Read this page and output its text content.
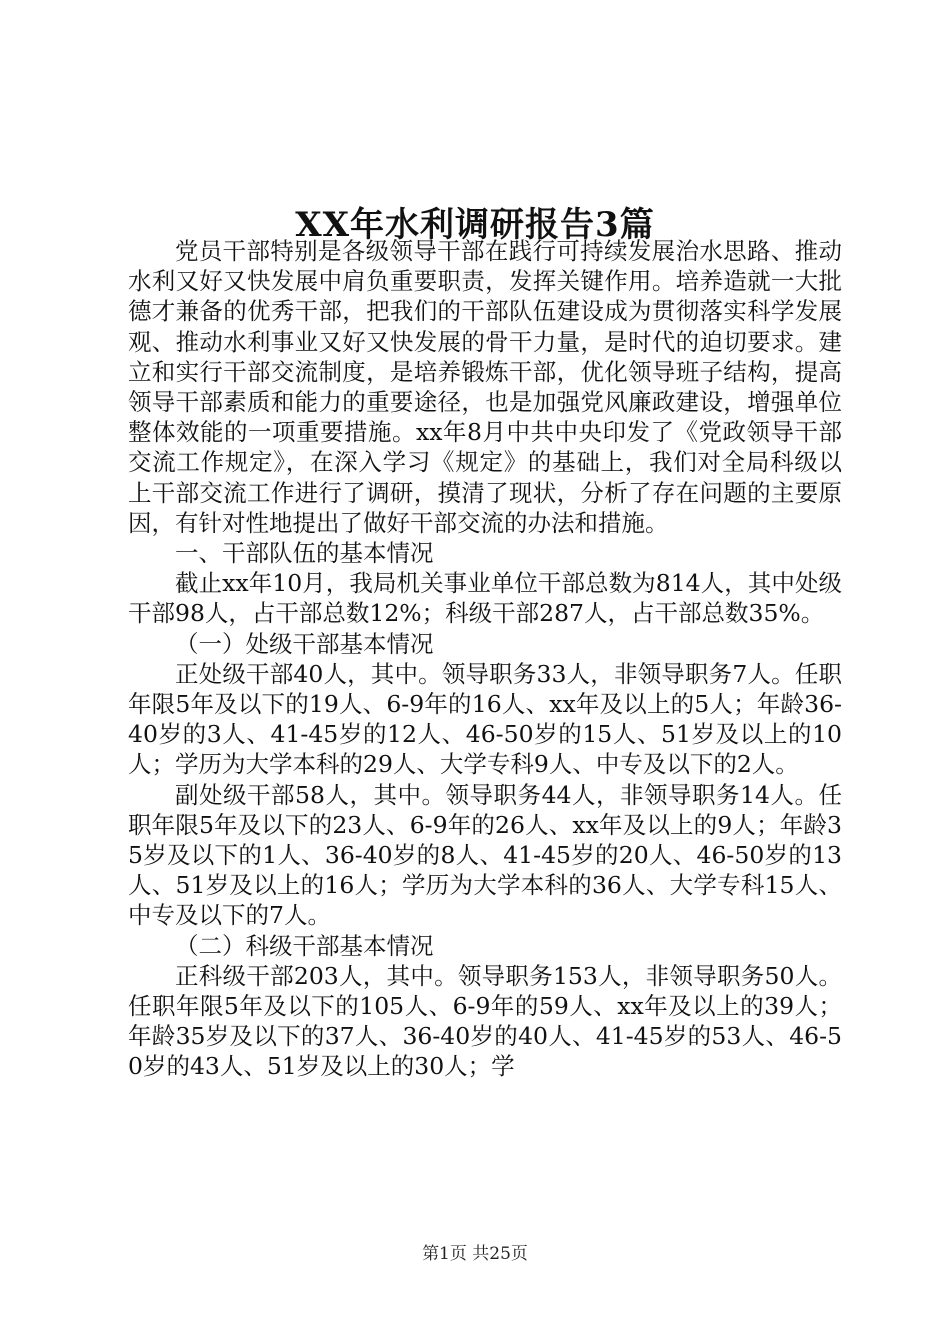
XX年水利调研报告3篇

党员干部特别是各级领导干部在践行可持续发展治水思路、推动水利又好又快发展中肩负重要职责，发挥关键作用。培养造就一大批德才兼备的优秀干部，把我们的干部队伍建设成为贯彻落实科学发展观、推动水利事业又好又快发展的骨干力量，是时代的迫切要求。建立和实行干部交流制度，是培养锻炼干部，优化领导班子结构，提高领导干部素质和能力的重要途径，也是加强党风廉政建设，增强单位整体效能的一项重要措施。xx年8月中共中央印发了《党政领导干部交流工作规定》，在深入学习《规定》的基础上，我们对全局科级以上干部交流工作进行了调研，摸清了现状，分析了存在问题的主要原因，有针对性地提出了做好干部交流的办法和措施。

一、干部队伍的基本情况

截止xx年10月，我局机关事业单位干部总数为814人，其中处级干部98人，占干部总数12%；科级干部287人，占干部总数35%。

（一）处级干部基本情况

正处级干部40人，其中。领导职务33人，非领导职务7人。任职年限5年及以下的19人、6-9年的16人、xx年及以上的5人；年龄36-40岁的3人、41-45岁的12人、46-50岁的15人、51岁及以上的10人；学历为大学本科的29人、大学专科9人、中专及以下的2人。

副处级干部58人，其中。领导职务44人，非领导职务14人。任职年限5年及以下的23人、6-9年的26人、xx年及以上的9人；年龄35岁及以下的1人、36-40岁的8人、41-45岁的20人、46-50岁的13人、51岁及以上的16人；学历为大学本科的36人、大学专科15人、中专及以下的7人。

（二）科级干部基本情况

正科级干部203人，其中。领导职务153人，非领导职务50人。任职年限5年及以下的105人、6-9年的59人、xx年及以上的39人；年龄35岁及以下的37人、36-40岁的40人、41-45岁的53人、46-50岁的43人、51岁及以上的30人；学

第1页 共25页
